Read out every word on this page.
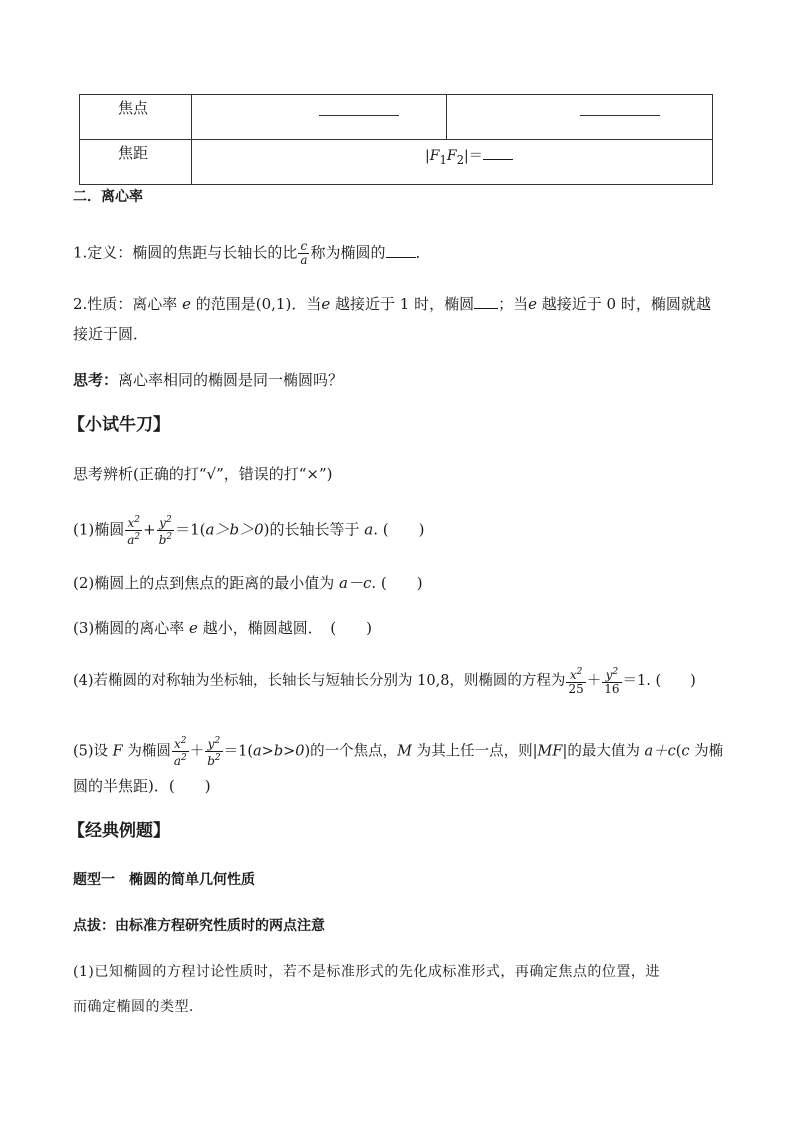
焦点
焦距	$|F_1F_2|=$
二．离心率
1.定义：椭圆的焦距与长轴长的比 $\frac{c}{a}$ 称为椭圆的 ．
2.性质：离心率 e 的范围是(0,1)．当e 越接近于 1 时，椭圆 ；当e 越接近于 0 时，椭圆就越
接近于圆．
思考：离心率相同的椭圆是同一椭圆吗？
【小试牛刀】
思考辨析(正确的打“√”，错误的打“×”)
(1)椭圆 $\frac{x^2}{a^2} + \frac{y^2}{b^2} =1(a>b>0)$的长轴长等于 a. (　　)
(2)椭圆上的点到焦点的距离的最小值为 a－c. (　　)
(3)椭圆的离心率 e 越小，椭圆越圆．　 (　　)
(4)若椭圆的对称轴为坐标轴，长轴长与短轴长分别为 10,8，则椭圆的方程为 $\frac{x^2}{25} + \frac{y^2}{16} =1$. (　　)
(5)设 F 为椭圆 $\frac{x^2}{a^2} + \frac{y^2}{b^2} =1(a>b>0)$的一个焦点，M 为其上任一点，则|MF|的最大值为 a＋c(c 为椭
圆的半焦距)．(　　)
【经典例题】
题型一　椭圆的简单几何性质
点拔：由标准方程研究性质时的两点注意
(1)已知椭圆的方程讨论性质时，若不是标准形式的先化成标准形式，再确定焦点的位置，进
而确定椭圆的类型．
